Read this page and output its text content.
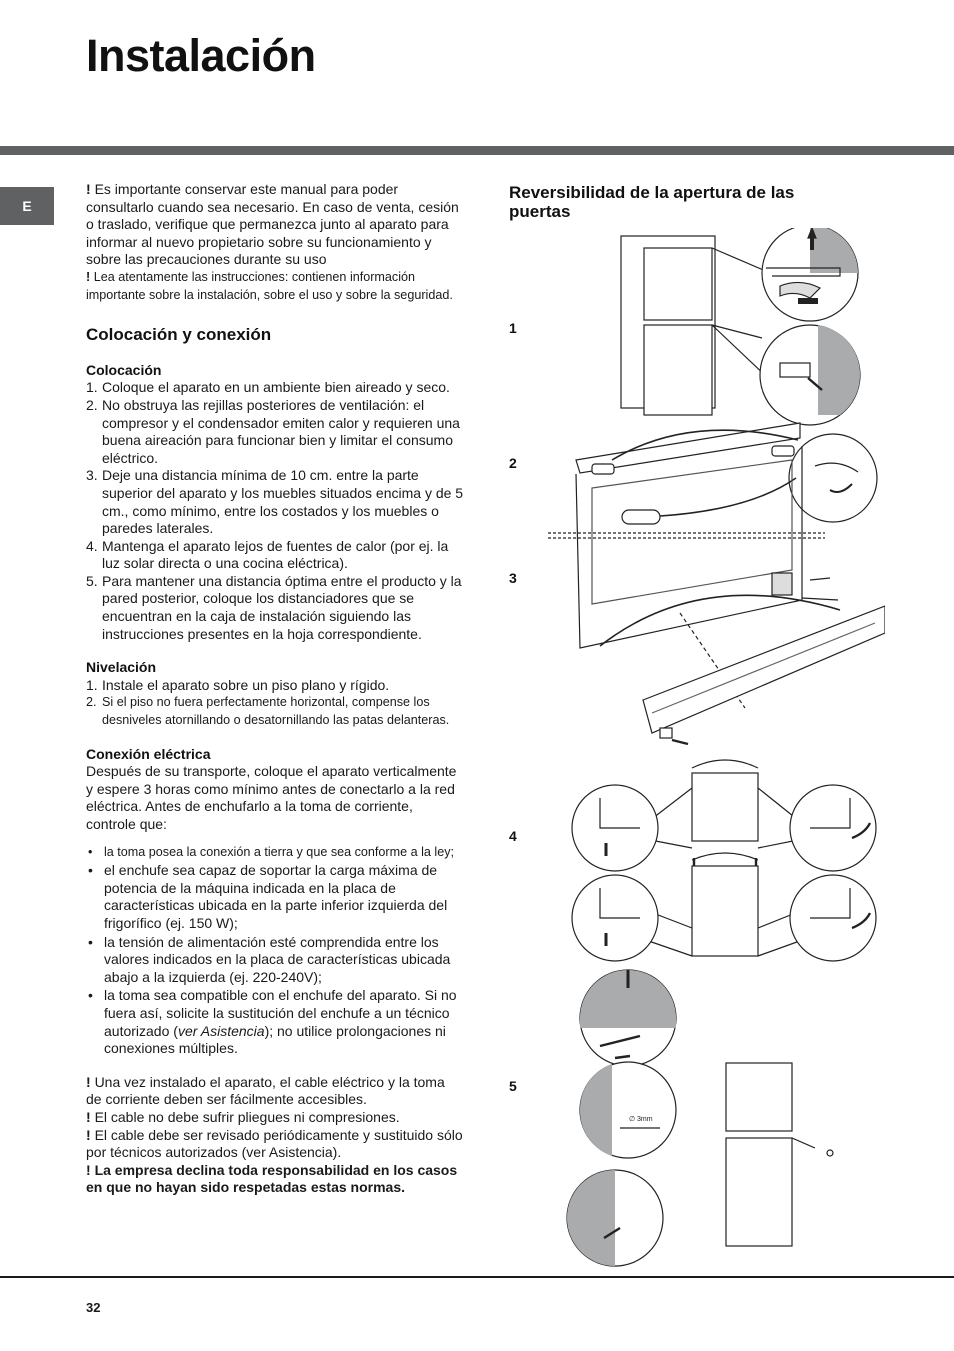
Instalación
E

! Es importante conservar este manual para poder consultarlo cuando sea necesario. En caso de venta, cesión o traslado, verifique que permanezca junto al aparato para informar al nuevo propietario sobre su funcionamiento y sobre las precauciones durante su uso

! Lea atentamente las instrucciones: contienen información importante sobre la instalación, sobre el uso y sobre la seguridad.

Colocación y conexión
Colocación
1. Coloque el aparato en un ambiente bien aireado y seco.
2. No obstruya las rejillas posteriores de ventilación: el compresor y el condensador emiten calor y requieren una buena aireación para funcionar bien y limitar el consumo eléctrico.
3. Deje una distancia mínima de 10 cm. entre la parte superior del aparato y los muebles situados encima y de 5 cm., como mínimo, entre los costados y los muebles o paredes laterales.
4. Mantenga el aparato lejos de fuentes de calor (por ej. la luz solar directa o una cocina eléctrica).
5. Para mantener una distancia óptima entre el producto y la pared posterior, coloque los distanciadores que se encuentran en la caja de instalación siguiendo las instrucciones presentes en la hoja correspondiente.
Nivelación
1. Instale el aparato sobre un piso plano y rígido.
2. Si el piso no fuera perfectamente horizontal, compense los desniveles atornillando o desatornillando las patas delanteras.
Conexión eléctrica

Después de su transporte, coloque el aparato verticalmente y espere 3 horas como mínimo antes de conectarlo a la red eléctrica. Antes de enchufarlo a la toma de corriente, controle que:

• la toma posea la conexión a tierra y que sea conforme a la ley;
• el enchufe sea capaz de soportar la carga máxima de potencia de la máquina indicada en la placa de características ubicada en la parte inferior izquierda del frigorífico (ej. 150 W);
• la tensión de alimentación esté comprendida entre los valores indicados en la placa de características ubicada abajo a la izquierda (ej. 220-240V);
• la toma sea compatible con el enchufe del aparato. Si no fuera así, solicite la sustitución del enchufe a un técnico autorizado (ver Asistencia); no utilice prolongaciones ni conexiones múltiples.

! Una vez instalado el aparato, el cable eléctrico y la toma de corriente deben ser fácilmente accesibles.

! El cable no debe sufrir pliegues ni compresiones.

! El cable debe ser revisado periódicamente y sustituido sólo por técnicos autorizados (ver Asistencia).

! La empresa declina toda responsabilidad en los casos en que no hayan sido respetadas estas normas.

Reversibilidad de la apertura de las puertas
1
2
3
4
5
∅ 3mm
32
